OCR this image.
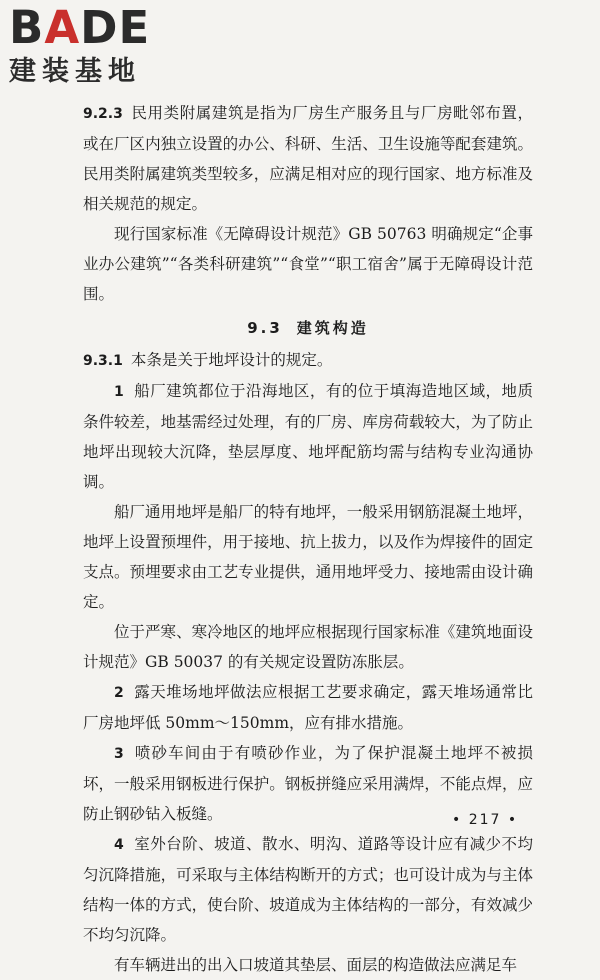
BADE
建装基地

9.2.3 民用类附属建筑是指为厂房生产服务且与厂房毗邻布置，或在厂区内独立设置的办公、科研、生活、卫生设施等配套建筑。民用类附属建筑类型较多，应满足相对应的现行国家、地方标准及相关规范的规定。

现行国家标准《无障碍设计规范》GB 50763 明确规定“企事业办公建筑”“各类科研建筑”“食堂”“职工宿舍”属于无障碍设计范围。

9.3 建筑构造

9.3.1 本条是关于地坪设计的规定。

1 船厂建筑都位于沿海地区，有的位于填海造地区域，地质条件较差，地基需经过处理，有的厂房、库房荷载较大，为了防止地坪出现较大沉降，垫层厚度、地坪配筋均需与结构专业沟通协调。

船厂通用地坪是船厂的特有地坪，一般采用钢筋混凝土地坪，地坪上设置预埋件，用于接地、抗上拔力，以及作为焊接件的固定支点。预埋要求由工艺专业提供，通用地坪受力、接地需由设计确定。

位于严寒、寒冷地区的地坪应根据现行国家标准《建筑地面设计规范》GB 50037 的有关规定设置防冻胀层。

2 露天堆场地坪做法应根据工艺要求确定，露天堆场通常比厂房地坪低 50mm～150mm，应有排水措施。

3 喷砂车间由于有喷砂作业，为了保护混凝土地坪不被损坏，一般采用钢板进行保护。钢板拼缝应采用满焊，不能点焊，应防止钢砂钻入板缝。

4 室外台阶、坡道、散水、明沟、道路等设计应有减少不均匀沉降措施，可采取与主体结构断开的方式；也可设计成为与主体结构一体的方式，使台阶、坡道成为主体结构的一部分，有效减少不均匀沉降。

有车辆进出的出入口坡道其垫层、面层的构造做法应满足车

• 217 •
